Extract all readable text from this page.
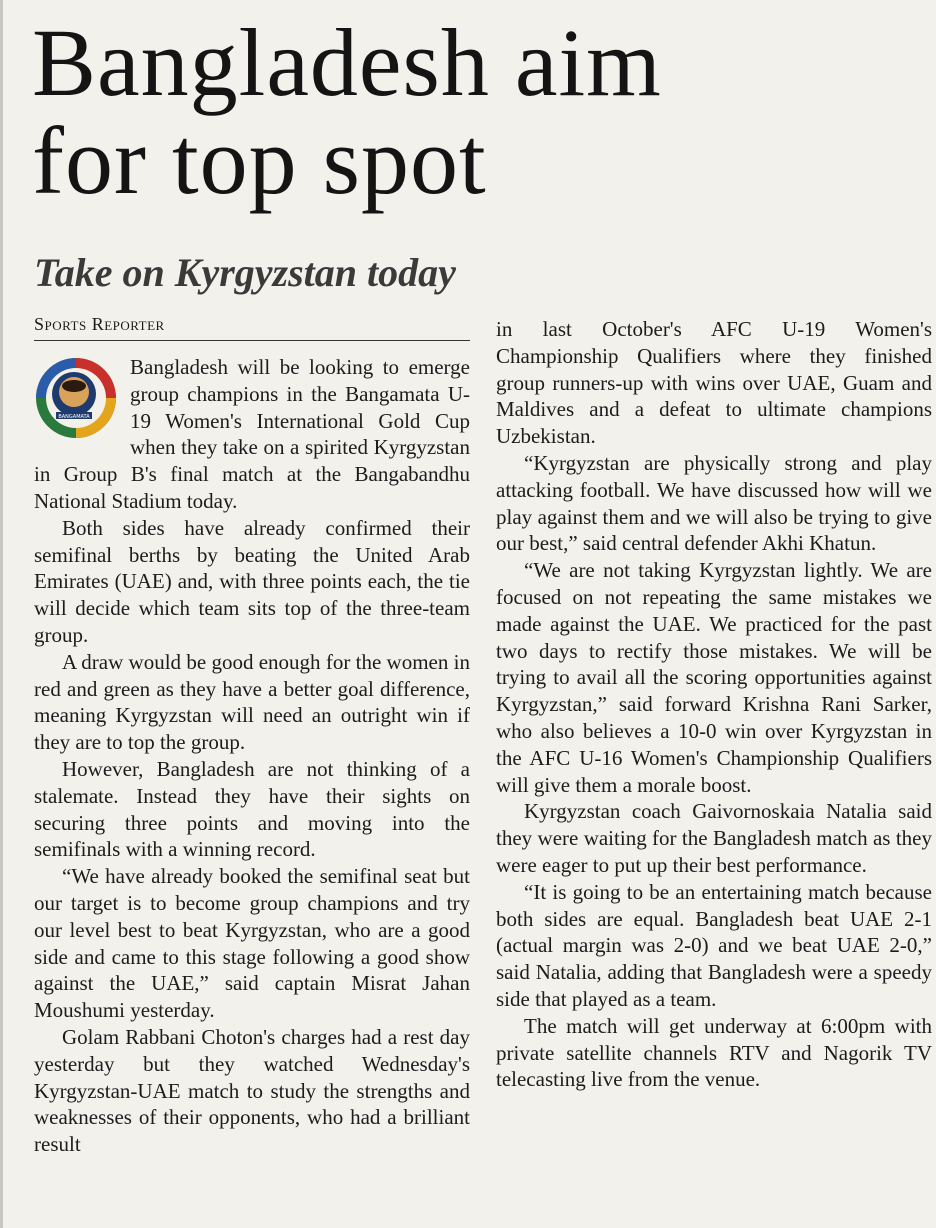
Bangladesh aim
for top spot
Take on Kyrgyzstan today
Sports Reporter

BANGAMATA
Bangladesh will be looking to emerge group champions in the Bangamata U-19 Women's International Gold Cup when they take on a spirited Kyrgyzstan in Group B's final match at the Bangabandhu National Stadium today.

Both sides have already confirmed their semifinal berths by beating the United Arab Emirates (UAE) and, with three points each, the tie will decide which team sits top of the three-team group.

A draw would be good enough for the women in red and green as they have a better goal difference, meaning Kyrgyzstan will need an outright win if they are to top the group.

However, Bangladesh are not thinking of a stalemate. Instead they have their sights on securing three points and moving into the semifinals with a winning record.

“We have already booked the semifinal seat but our target is to become group champions and try our level best to beat Kyrgyzstan, who are a good side and came to this stage following a good show against the UAE,” said captain Misrat Jahan Moushumi yesterday.

Golam Rabbani Choton's charges had a rest day yesterday but they watched Wednesday's Kyrgyzstan-UAE match to study the strengths and weaknesses of their opponents, who had a brilliant result

in last October's AFC U-19 Women's Championship Qualifiers where they finished group runners-up with wins over UAE, Guam and Maldives and a defeat to ultimate champions Uzbekistan.

“Kyrgyzstan are physically strong and play attacking football. We have discussed how will we play against them and we will also be trying to give our best,” said central defender Akhi Khatun.

“We are not taking Kyrgyzstan lightly. We are focused on not repeating the same mistakes we made against the UAE. We practiced for the past two days to rectify those mistakes. We will be trying to avail all the scoring opportunities against Kyrgyzstan,” said forward Krishna Rani Sarker, who also believes a 10-0 win over Kyrgyzstan in the AFC U-16 Women's Championship Qualifiers will give them a morale boost.

Kyrgyzstan coach Gaivornoskaia Natalia said they were waiting for the Bangladesh match as they were eager to put up their best performance.

“It is going to be an entertaining match because both sides are equal. Bangladesh beat UAE 2-1 (actual margin was 2-0) and we beat UAE 2-0,” said Natalia, adding that Bangladesh were a speedy side that played as a team.

The match will get underway at 6:00pm with private satellite channels RTV and Nagorik TV telecasting live from the venue.
